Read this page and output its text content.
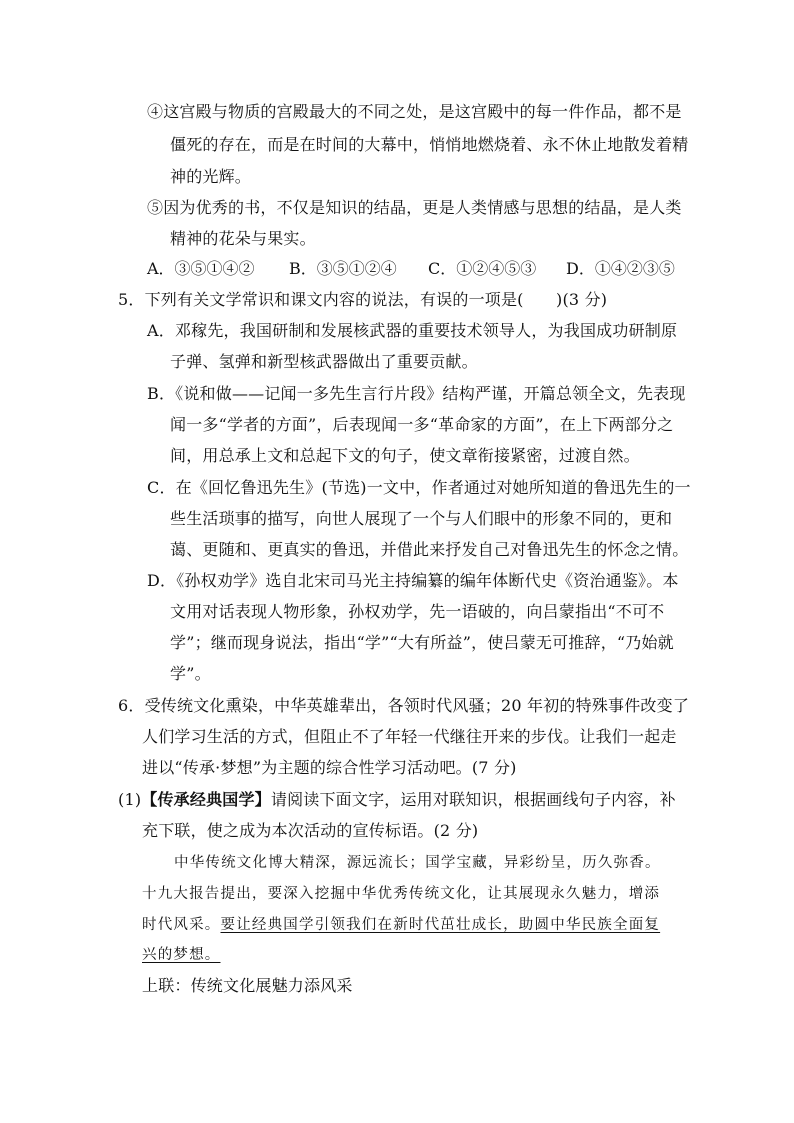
④这宫殿与物质的宫殿最大的不同之处，是这宫殿中的每一件作品，都不是
僵死的存在，而是在时间的大幕中，悄悄地燃烧着、永不休止地散发着精
神的光辉。
⑤因为优秀的书，不仅是知识的结晶，更是人类情感与思想的结晶，是人类
精神的花朵与果实。
A．③⑤①④② B．③⑤①②④ C．①②④⑤③ D．①④②③⑤
5．下列有关文学常识和课文内容的说法，有误的一项是(　　)(3 分)
A．邓稼先，我国研制和发展核武器的重要技术领导人，为我国成功研制原
子弹、氢弹和新型核武器做出了重要贡献。
B．《说和做——记闻一多先生言行片段》结构严谨，开篇总领全文，先表现
闻一多“学者的方面”，后表现闻一多“革命家的方面”，在上下两部分之
间，用总承上文和总起下文的句子，使文章衔接紧密，过渡自然。
C．在《回忆鲁迅先生》(节选)一文中，作者通过对她所知道的鲁迅先生的一
些生活琐事的描写，向世人展现了一个与人们眼中的形象不同的，更和
蔼、更随和、更真实的鲁迅，并借此来抒发自己对鲁迅先生的怀念之情。
D．《孙权劝学》选自北宋司马光主持编纂的编年体断代史《资治通鉴》。本
文用对话表现人物形象，孙权劝学，先一语破的，向吕蒙指出“不可不
学”；继而现身说法，指出“学”“大有所益”，使吕蒙无可推辞，“乃始就
学”。
6．受传统文化熏染，中华英雄辈出，各领时代风骚；20 年初的特殊事件改变了
人们学习生活的方式，但阻止不了年轻一代继往开来的步伐。让我们一起走
进以“传承·梦想”为主题的综合性学习活动吧。(7 分)
(1)【传承经典国学】请阅读下面文字，运用对联知识，根据画线句子内容，补
充下联，使之成为本次活动的宣传标语。(2 分)
中华传统文化博大精深，源远流长；国学宝藏，异彩纷呈，历久弥香。
十九大报告提出，要深入挖掘中华优秀传统文化，让其展现永久魅力，增添
时代风采。要让经典国学引领我们在新时代茁壮成长，助圆中华民族全面复
兴的梦想。
上联：传统文化展魅力添风采
